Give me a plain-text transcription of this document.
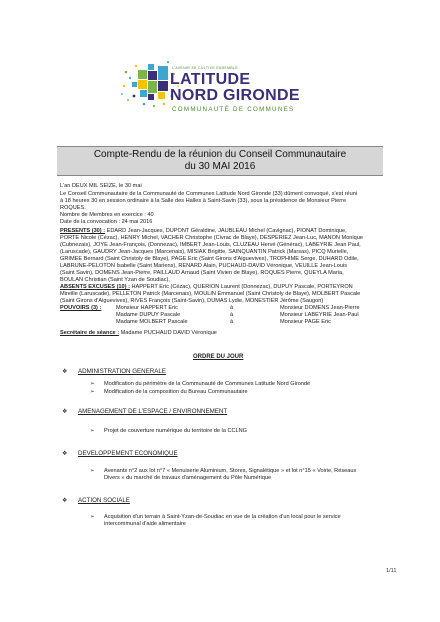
L'AVENIR SE CULTIVE ENSEMBLE
LATITUDE
NORD GIRONDE
COMMUNAUTÉ DE COMMUNES
Compte-Rendu de la réunion du Conseil Communautaire
du 30 MAI 2016
L'an DEUX MIL SEIZE, le 30 mai
Le Conseil Communautaire de la Communauté de Communes Latitude Nord Gironde (33) dûment convoqué, s'est réuni
à 18 heures 30 en session ordinaire à la Salle des Halles à Saint-Savin (33), sous la présidence de Monsieur Pierre
ROQUES.
Nombre de Membres en exercice : 40
Date de la convocation : 24 mai 2016
PRESENTS (30) : EDARD Jean-Jacques, DUPONT Géraldine, JAUBLEAU Michel (Cavignac), PIONAT Dominique,
PORTE Nicole (Cézac), HENRY Michel, VACHER Christophe (Civrac de Blaye), DESPERIEZ Jean-Luc, MANON Monique
(Cubnezais), JOYE Jean-François, (Donnezac), IMBERT Jean-Louis, CLUZEAU Hervé (Générac), LABEYRIE Jean Paul,
(Laruscade), GAUDRY Jean-Jacques (Marcenais), MISIAK Brigitte, SAINQUANTIN Patrick (Marsas), PICQ Murielle,
GRIMEE Bernard (Saint Christoly de Blaye), PAGE Eric (Saint Girons d'Aiguevives), TROPHIME Serge, DUHARD Odile,
LABRUNE-PELOTON Isabelle (Saint Mariens), RENARD Alain, PUCHAUD-DAVID Véronique, VEUILLE Jean-Louis
(Saint Savin), DOMENS Jean-Pierre, PAILLAUD Arnaud (Saint Vivien de Blaye), ROQUES Pierre, QUEYLA Maria,
BOULAN Christian (Saint Yzan de Soudiac),
ABSENTS EXCUSES (10) : HAPPERT Eric (Cézac), QUERION Laurent (Donnezac), DUPUY Pascale, PORTEYRON
Mireille (Laruscade), PELLETON Patrick (Marcenais), MOULIN Emmanuel (Saint Christoly de Blaye), MOLBERT Pascale
(Saint Girons d'Aiguevives), RIVES François (Saint-Savin), DUMAS Lydie, MONESTIER Jérôme (Saugon)
POUVOIRS (3) :	Monsieur HAPPERT Eric	à	Monsieur DOMENS Jean-Pierre
Madame DUPUY Pascale	à	Monsieur LABEYRIE Jean-Paul
Madame MOLBERT Pascale	à	Monsieur PAGE Eric
Secrétaire de séance : Madame PUCHAUD DAVID Véronique
ORDRE DU JOUR
❖ ADMINISTRATION GENERALE
➢ Modification du périmètre de la Communauté de Communes Latitude Nord Gironde
➢ Modification de la composition du Bureau Communautaire
❖ AMENAGEMENT DE L'ESPACE / ENVIRONNEMENT
➢ Projet de couverture numérique du territoire de la CCLNG
❖ DEVELOPPEMENT ECONOMIQUE
➢ Avenants n°2 aux lot n°7 « Menuiserie Aluminium, Stores, Signalétique » et lot n°15 « Voirie, Réseaux
Divers » du marché de travaux d'aménagement du Pôle Numérique
❖ ACTION SOCIALE
➢ Acquisition d'un terrain à Saint-Yzan-de-Soudiac en vue de la création d'un local pour le service
intercommunal d'aide alimentaire
1/11
